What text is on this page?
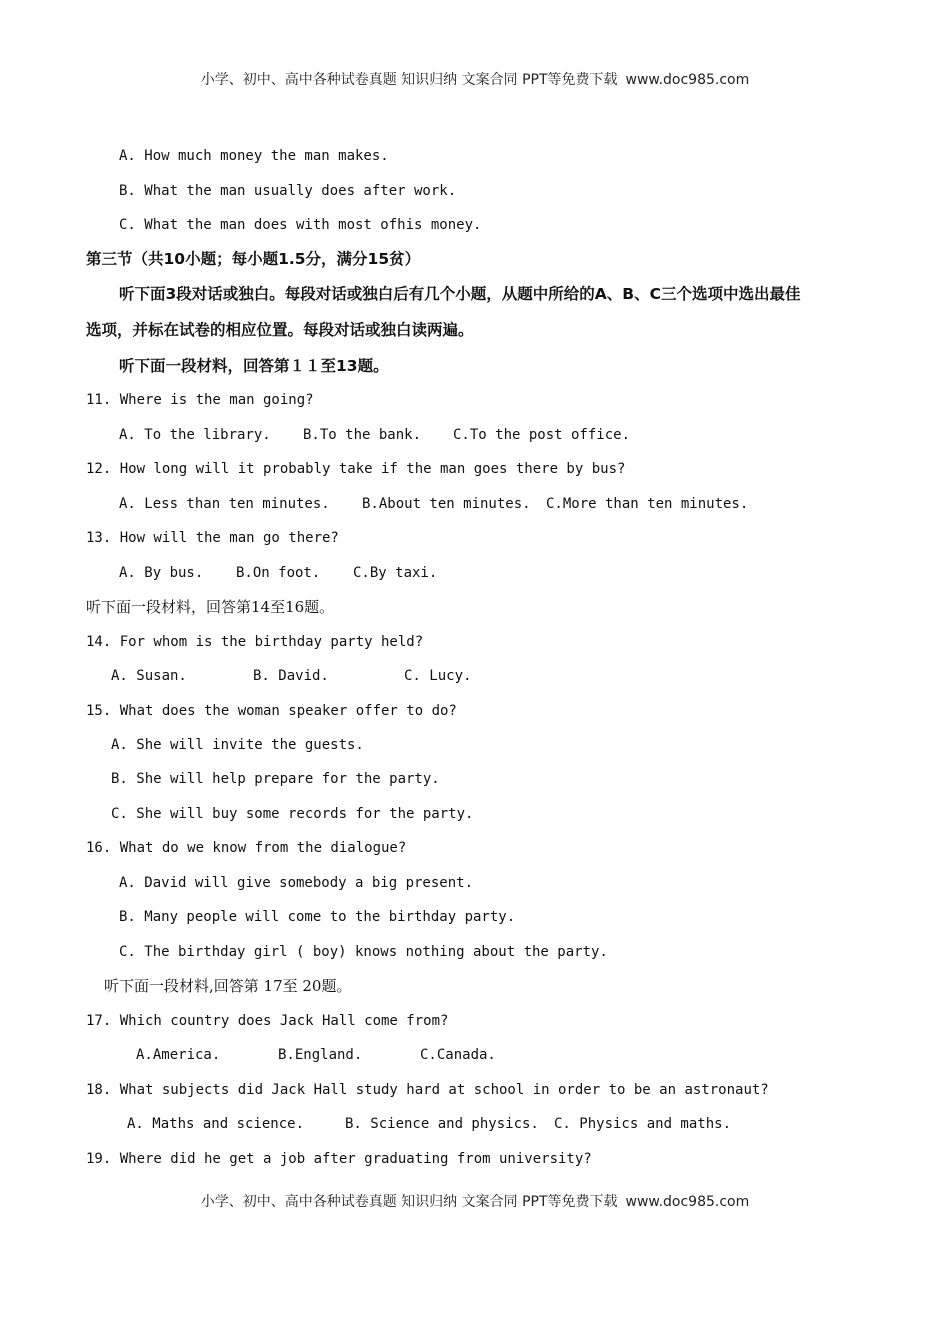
小学、初中、高中各种试卷真题 知识归纳 文案合同 PPT等免费下载 www.doc985.com
A. How much money the man makes.
B. What the man usually does after work.
C. What the man does with most ofhis money.
第三节（共10小题；每小题1.5分，满分15贫）
听下面3段对话或独白。每段对话或独白后有几个小题，从题中所给的A、B、C三个选项中选出最佳
选项，并标在试卷的相应位置。每段对话或独白读两遍。
听下面一段材料，回答第１１至13题。
11. Where is the man going?
A. To the library. B.To the bank. C.To the post office.
12. How long will it probably take if the man goes there by bus?
A. Less than ten minutes. B.About ten minutes. C.More than ten minutes.
13. How will the man go there?
A. By bus. B.On foot. C.By taxi.
听下面一段材料，回答第14至16题。
14. For whom is the birthday party held?
A. Susan.	B. David.	C. Lucy.
15. What does the woman speaker offer to do?
A. She will invite the guests.
B. She will help prepare for the party.
C. She will buy some records for the party.
16. What do we know from the dialogue?
A. David will give somebody a big present.
B. Many people will come to the birthday party.
C. The birthday girl ( boy) knows nothing about the party.
听下面一段材料,回答第 17至 20题。
17. Which country does Jack Hall come from?
A.America.	B.England.	C.Canada.
18. What subjects did Jack Hall study hard at school in order to be an astronaut?
A. Maths and science.	B. Science and physics. C. Physics and maths.
19. Where did he get a job after graduating from university?
小学、初中、高中各种试卷真题 知识归纳 文案合同 PPT等免费下载 www.doc985.com
